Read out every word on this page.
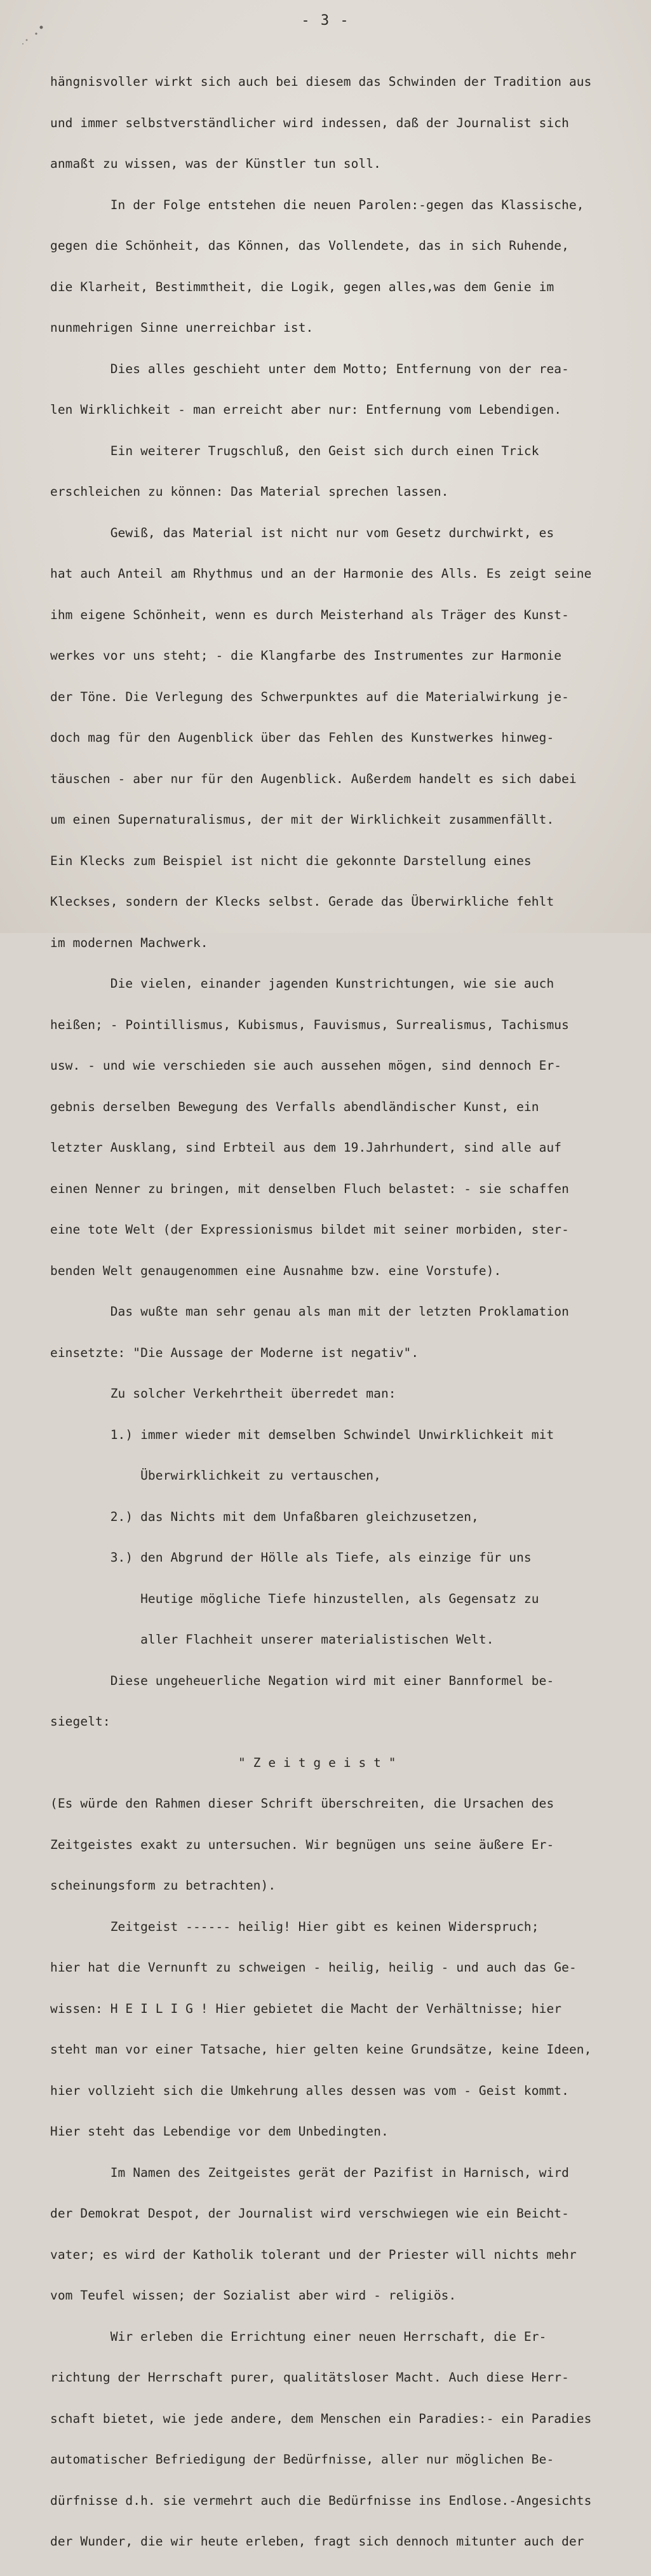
- 3 -

hängnisvoller wirkt sich auch bei diesem das Schwinden der Tradition aus

und immer selbstverständlicher wird indessen, daß der Journalist sich

anmaßt zu wissen, was der Künstler tun soll.

In der Folge entstehen die neuen Parolen:-gegen das Klassische,

gegen die Schönheit, das Können, das Vollendete, das in sich Ruhende,

die Klarheit, Bestimmtheit, die Logik, gegen alles,was dem Genie im

nunmehrigen Sinne unerreichbar ist.

Dies alles geschieht unter dem Motto; Entfernung von der rea-

len Wirklichkeit - man erreicht aber nur: Entfernung vom Lebendigen.

Ein weiterer Trugschluß, den Geist sich durch einen Trick

erschleichen zu können: Das Material sprechen lassen.

Gewiß, das Material ist nicht nur vom Gesetz durchwirkt, es

hat auch Anteil am Rhythmus und an der Harmonie des Alls. Es zeigt seine

ihm eigene Schönheit, wenn es durch Meisterhand als Träger des Kunst-

werkes vor uns steht; - die Klangfarbe des Instrumentes zur Harmonie

der Töne. Die Verlegung des Schwerpunktes auf die Materialwirkung je-

doch mag für den Augenblick über das Fehlen des Kunstwerkes hinweg-

täuschen - aber nur für den Augenblick. Außerdem handelt es sich dabei

um einen Supernaturalismus, der mit der Wirklichkeit zusammenfällt.

Ein Klecks zum Beispiel ist nicht die gekonnte Darstellung eines

Kleckses, sondern der Klecks selbst. Gerade das Überwirkliche fehlt

im modernen Machwerk.

Die vielen, einander jagenden Kunstrichtungen, wie sie auch

heißen; - Pointillismus, Kubismus, Fauvismus, Surrealismus, Tachismus

usw. - und wie verschieden sie auch aussehen mögen, sind dennoch Er-

gebnis derselben Bewegung des Verfalls abendländischer Kunst, ein

letzter Ausklang, sind Erbteil aus dem 19.Jahrhundert, sind alle auf

einen Nenner zu bringen, mit denselben Fluch belastet: - sie schaffen

eine tote Welt (der Expressionismus bildet mit seiner morbiden, ster-

benden Welt genaugenommen eine Ausnahme bzw. eine Vorstufe).

Das wußte man sehr genau als man mit der letzten Proklamation

einsetzte: "Die Aussage der Moderne ist negativ".

Zu solcher Verkehrtheit überredet man:

1.) immer wieder mit demselben Schwindel Unwirklichkeit mit

Überwirklichkeit zu vertauschen,

2.) das Nichts mit dem Unfaßbaren gleichzusetzen,

3.) den Abgrund der Hölle als Tiefe, als einzige für uns

Heutige mögliche Tiefe hinzustellen, als Gegensatz zu

aller Flachheit unserer materialistischen Welt.

Diese ungeheuerliche Negation wird mit einer Bannformel be-

siegelt:

" Z e i t g e i s t "

(Es würde den Rahmen dieser Schrift überschreiten, die Ursachen des

Zeitgeistes exakt zu untersuchen. Wir begnügen uns seine äußere Er-

scheinungsform zu betrachten).

Zeitgeist ------ heilig! Hier gibt es keinen Widerspruch;

hier hat die Vernunft zu schweigen - heilig, heilig - und auch das Ge-

wissen: H E I L I G ! Hier gebietet die Macht der Verhältnisse; hier

steht man vor einer Tatsache, hier gelten keine Grundsätze, keine Ideen,

hier vollzieht sich die Umkehrung alles dessen was vom - Geist kommt.

Hier steht das Lebendige vor dem Unbedingten.

Im Namen des Zeitgeistes gerät der Pazifist in Harnisch, wird

der Demokrat Despot, der Journalist wird verschwiegen wie ein Beicht-

vater; es wird der Katholik tolerant und der Priester will nichts mehr

vom Teufel wissen; der Sozialist aber wird - religiös.

Wir erleben die Errichtung einer neuen Herrschaft, die Er-

richtung der Herrschaft purer, qualitätsloser Macht. Auch diese Herr-

schaft bietet, wie jede andere, dem Menschen ein Paradies:- ein Paradies

automatischer Befriedigung der Bedürfnisse, aller nur möglichen Be-

dürfnisse d.h. sie vermehrt auch die Bedürfnisse ins Endlose.-Angesichts

der Wunder, die wir heute erleben, fragt sich dennoch mitunter auch der
